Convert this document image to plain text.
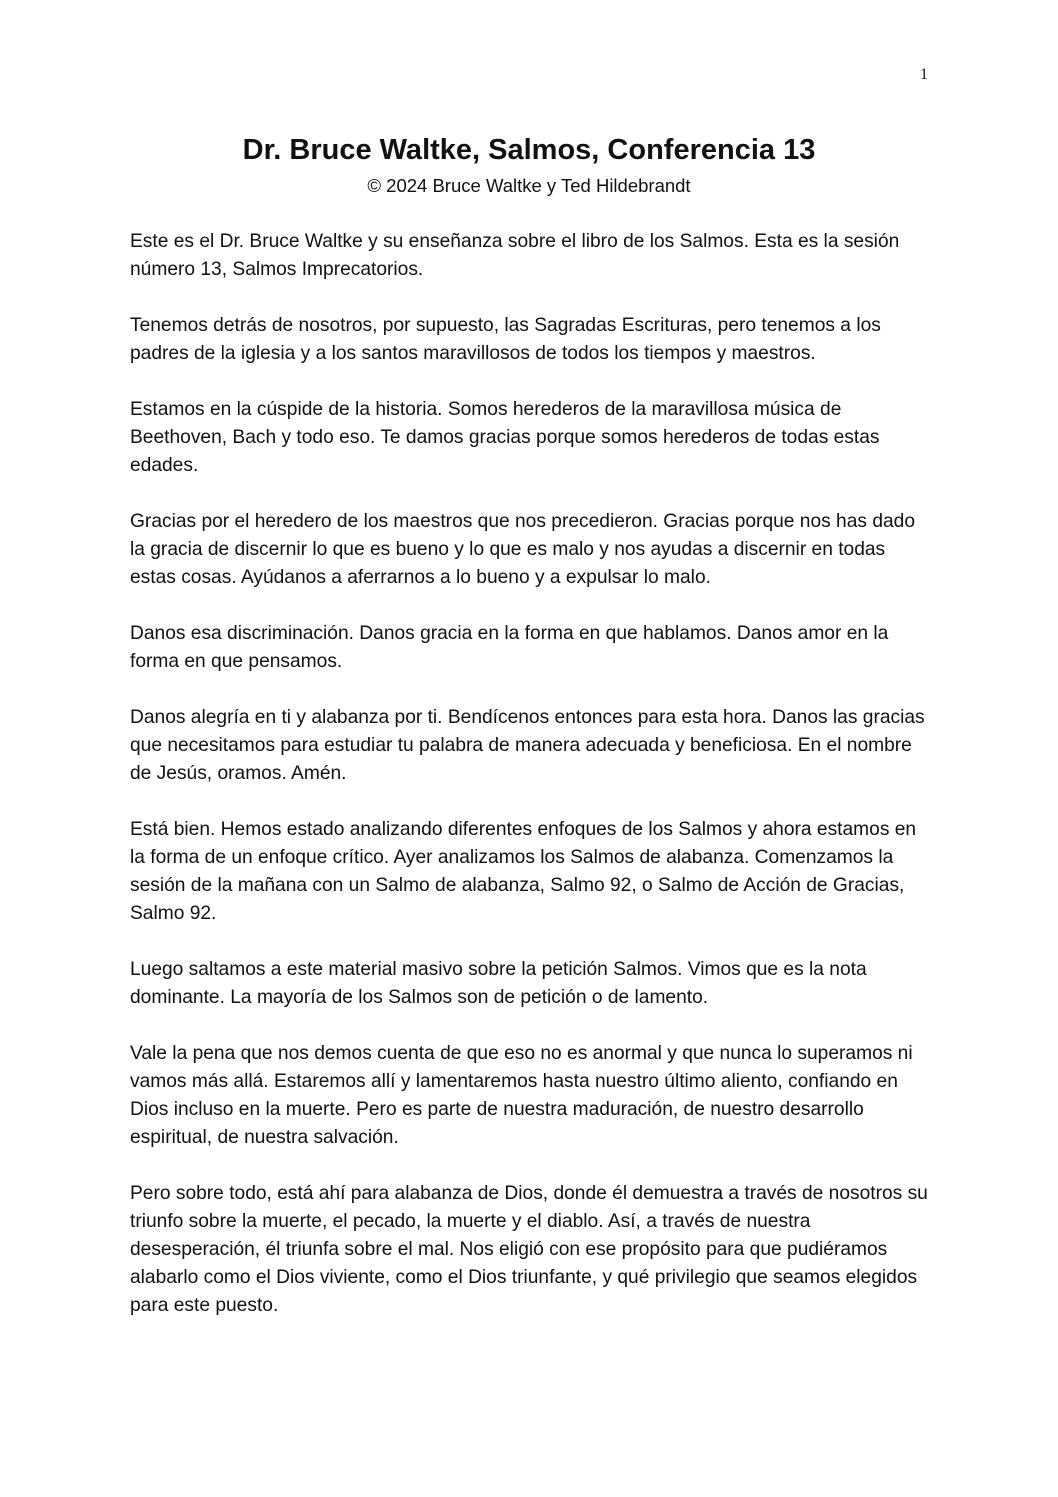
1
Dr. Bruce Waltke, Salmos, Conferencia 13
© 2024 Bruce Waltke y Ted Hildebrandt

Este es el Dr. Bruce Waltke y su enseñanza sobre el libro de los Salmos. Esta es la sesión número 13, Salmos Imprecatorios.

Tenemos detrás de nosotros, por supuesto, las Sagradas Escrituras, pero tenemos a los padres de la iglesia y a los santos maravillosos de todos los tiempos y maestros.

Estamos en la cúspide de la historia. Somos herederos de la maravillosa música de Beethoven, Bach y todo eso. Te damos gracias porque somos herederos de todas estas edades.

Gracias por el heredero de los maestros que nos precedieron. Gracias porque nos has dado la gracia de discernir lo que es bueno y lo que es malo y nos ayudas a discernir en todas estas cosas. Ayúdanos a aferrarnos a lo bueno y a expulsar lo malo.

Danos esa discriminación. Danos gracia en la forma en que hablamos. Danos amor en la forma en que pensamos.

Danos alegría en ti y alabanza por ti. Bendícenos entonces para esta hora. Danos las gracias que necesitamos para estudiar tu palabra de manera adecuada y beneficiosa. En el nombre de Jesús, oramos. Amén.

Está bien. Hemos estado analizando diferentes enfoques de los Salmos y ahora estamos en la forma de un enfoque crítico. Ayer analizamos los Salmos de alabanza. Comenzamos la sesión de la mañana con un Salmo de alabanza, Salmo 92, o Salmo de Acción de Gracias, Salmo 92.

Luego saltamos a este material masivo sobre la petición Salmos. Vimos que es la nota dominante. La mayoría de los Salmos son de petición o de lamento.

Vale la pena que nos demos cuenta de que eso no es anormal y que nunca lo superamos ni vamos más allá. Estaremos allí y lamentaremos hasta nuestro último aliento, confiando en Dios incluso en la muerte. Pero es parte de nuestra maduración, de nuestro desarrollo espiritual, de nuestra salvación.

Pero sobre todo, está ahí para alabanza de Dios, donde él demuestra a través de nosotros su triunfo sobre la muerte, el pecado, la muerte y el diablo. Así, a través de nuestra desesperación, él triunfa sobre el mal. Nos eligió con ese propósito para que pudiéramos alabarlo como el Dios viviente, como el Dios triunfante, y qué privilegio que seamos elegidos para este puesto.
